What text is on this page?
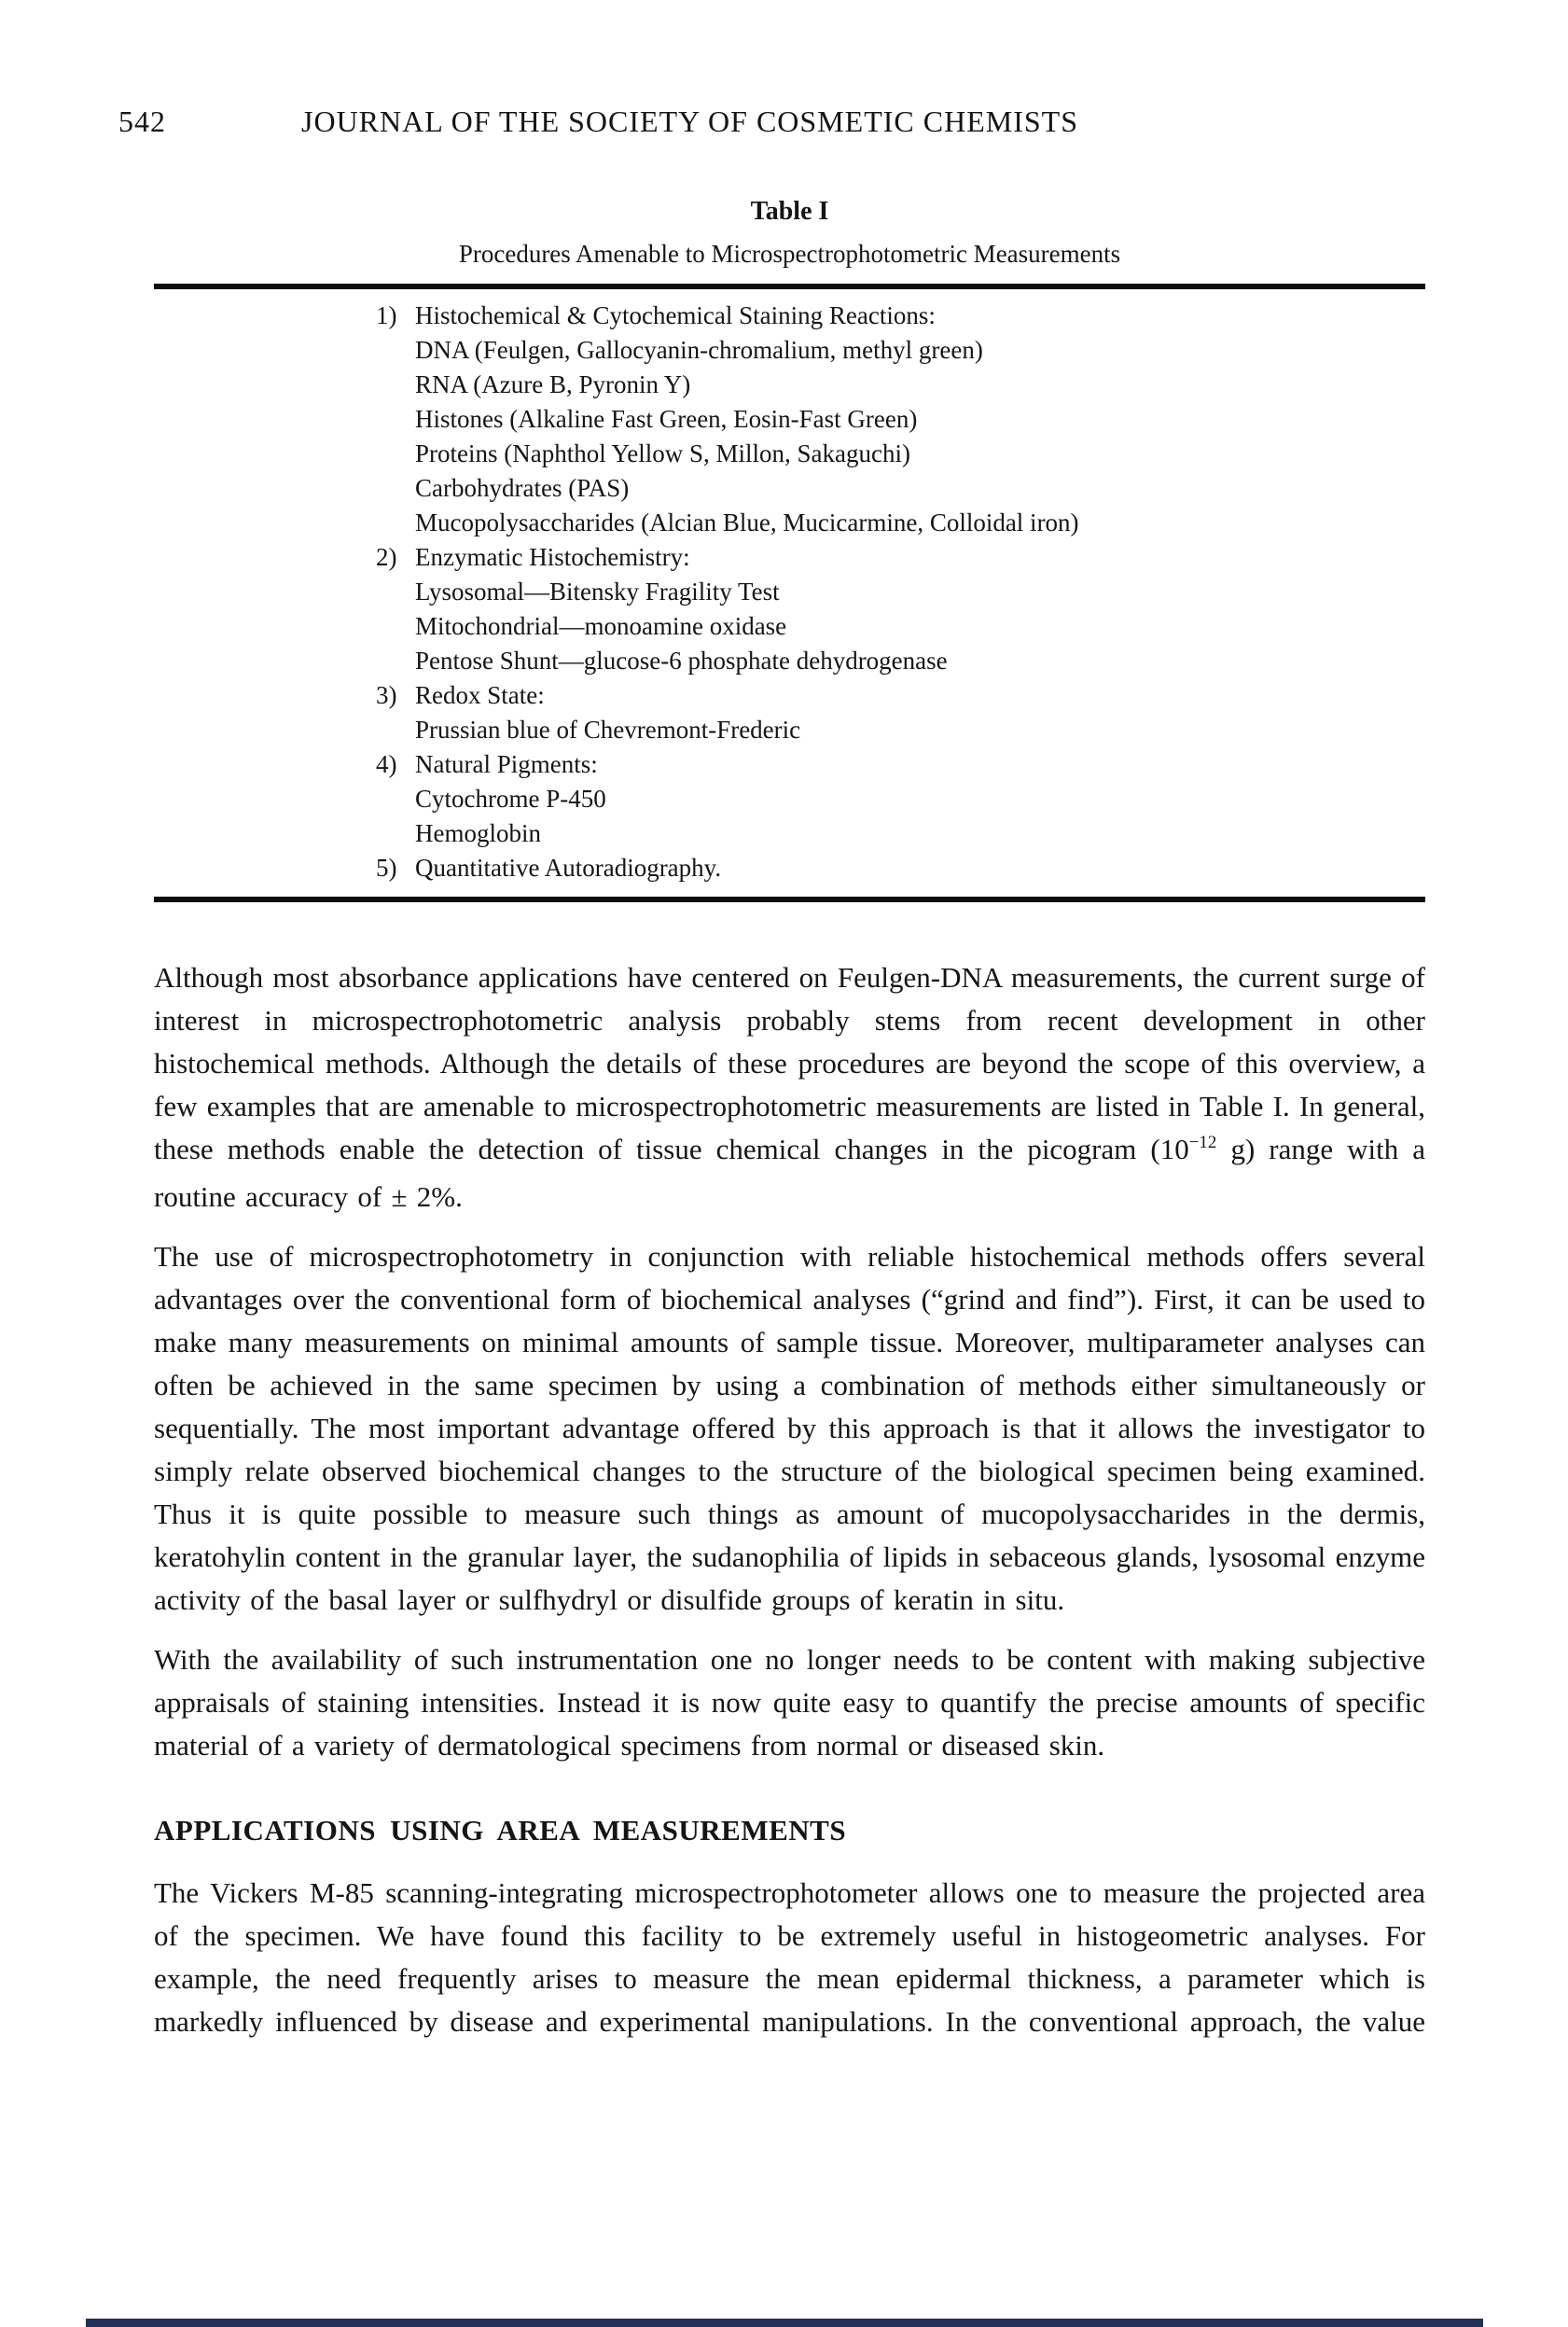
542	JOURNAL OF THE SOCIETY OF COSMETIC CHEMISTS
Table I
Procedures Amenable to Microspectrophotometric Measurements
1) Histochemical & Cytochemical Staining Reactions:
DNA (Feulgen, Gallocyanin-chromalium, methyl green)
RNA (Azure B, Pyronin Y)
Histones (Alkaline Fast Green, Eosin-Fast Green)
Proteins (Naphthol Yellow S, Millon, Sakaguchi)
Carbohydrates (PAS)
Mucopolysaccharides (Alcian Blue, Mucicarmine, Colloidal iron)
2) Enzymatic Histochemistry:
Lysosomal—Bitensky Fragility Test
Mitochondrial—monoamine oxidase
Pentose Shunt—glucose-6 phosphate dehydrogenase
3) Redox State:
Prussian blue of Chevremont-Frederic
4) Natural Pigments:
Cytochrome P-450
Hemoglobin
5) Quantitative Autoradiography.

Although most absorbance applications have centered on Feulgen-DNA measurements, the current surge of interest in microspectrophotometric analysis probably stems from recent development in other histochemical methods. Although the details of these procedures are beyond the scope of this overview, a few examples that are amenable to microspectrophotometric measurements are listed in Table I. In general, these methods enable the detection of tissue chemical changes in the picogram ($10^{-12}$ g) range with a routine accuracy of ± 2%.

The use of microspectrophotometry in conjunction with reliable histochemical methods offers several advantages over the conventional form of biochemical analyses (“grind and find”). First, it can be used to make many measurements on minimal amounts of sample tissue. Moreover, multiparameter analyses can often be achieved in the same specimen by using a combination of methods either simultaneously or sequentially. The most important advantage offered by this approach is that it allows the investigator to simply relate observed biochemical changes to the structure of the biological specimen being examined. Thus it is quite possible to measure such things as amount of mucopolysaccharides in the dermis, keratohylin content in the granular layer, the sudanophilia of lipids in sebaceous glands, lysosomal enzyme activity of the basal layer or sulfhydryl or disulfide groups of keratin in situ.

With the availability of such instrumentation one no longer needs to be content with making subjective appraisals of staining intensities. Instead it is now quite easy to quantify the precise amounts of specific material of a variety of dermatological specimens from normal or diseased skin.

APPLICATIONS USING AREA MEASUREMENTS

The Vickers M-85 scanning-integrating microspectrophotometer allows one to measure the projected area of the specimen. We have found this facility to be extremely useful in histogeometric analyses. For example, the need frequently arises to measure the mean epidermal thickness, a parameter which is markedly influenced by disease and experimental manipulations. In the conventional approach, the value
